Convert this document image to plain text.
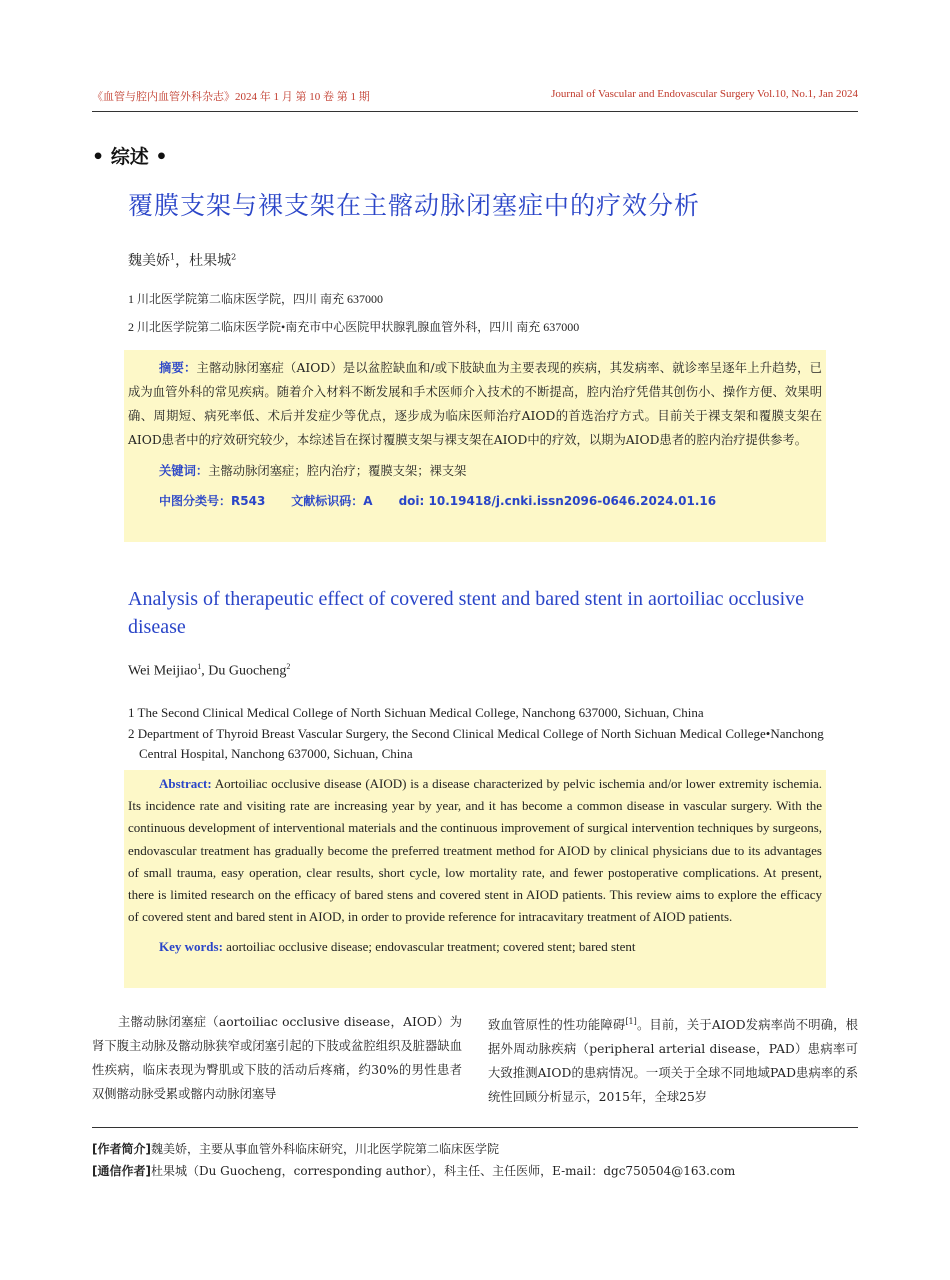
《血管与腔内血管外科杂志》2024 年 1 月 第 10 卷 第 1 期	Journal of Vascular and Endovascular Surgery Vol.10, No.1, Jan 2024
• 综述 •
覆膜支架与裸支架在主髂动脉闭塞症中的疗效分析
魏美娇$^1$，杜果城$^2$
1 川北医学院第二临床医学院，四川 南充 637000
2 川北医学院第二临床医学院•南充市中心医院甲状腺乳腺血管外科，四川 南充 637000

摘要：主髂动脉闭塞症（AIOD）是以盆腔缺血和/或下肢缺血为主要表现的疾病，其发病率、就诊率呈逐年上升趋势，已成为血管外科的常见疾病。随着介入材料不断发展和手术医师介入技术的不断提高，腔内治疗凭借其创伤小、操作方便、效果明确、周期短、病死率低、术后并发症少等优点，逐步成为临床医师治疗AIOD的首选治疗方式。目前关于裸支架和覆膜支架在AIOD患者中的疗效研究较少，本综述旨在探讨覆膜支架与裸支架在AIOD中的疗效，以期为AIOD患者的腔内治疗提供参考。

关键词：主髂动脉闭塞症；腔内治疗；覆膜支架；裸支架

中图分类号：R543 文献标识码：A doi: 10.19418/j.cnki.issn2096-0646.2024.01.16

Analysis of therapeutic effect of covered stent and bared stent in aortoiliac occlusive disease
Wei Meijiao$^1$, Du Guocheng$^2$
1 The Second Clinical Medical College of North Sichuan Medical College, Nanchong 637000, Sichuan, China
2 Department of Thyroid Breast Vascular Surgery, the Second Clinical Medical College of North Sichuan Medical College•Nanchong Central Hospital, Nanchong 637000, Sichuan, China

Abstract: Aortoiliac occlusive disease (AIOD) is a disease characterized by pelvic ischemia and/or lower extremity ischemia. Its incidence rate and visiting rate are increasing year by year, and it has become a common disease in vascular surgery. With the continuous development of interventional materials and the continuous improvement of surgical intervention techniques by surgeons, endovascular treatment has gradually become the preferred treatment method for AIOD by clinical physicians due to its advantages of small trauma, easy operation, clear results, short cycle, low mortality rate, and fewer postoperative complications. At present, there is limited research on the efficacy of bared stens and covered stent in AIOD patients. This review aims to explore the efficacy of covered stent and bared stent in AIOD, in order to provide reference for intracavitary treatment of AIOD patients.

Key words: aortoiliac occlusive disease; endovascular treatment; covered stent; bared stent

主髂动脉闭塞症（aortoiliac occlusive disease，AIOD）为肾下腹主动脉及髂动脉狭窄或闭塞引起的下肢或盆腔组织及脏器缺血性疾病，临床表现为臀肌或下肢的活动后疼痛，约30%的男性患者双侧髂动脉受累或髂内动脉闭塞导

致血管原性的性功能障碍[1]。目前，关于AIOD发病率尚不明确，根据外周动脉疾病（peripheral arterial disease，PAD）患病率可大致推测AIOD的患病情况。一项关于全球不同地域PAD患病率的系统性回顾分析显示，2015年，全球25岁

[作者简介]魏美娇，主要从事血管外科临床研究，川北医学院第二临床医学院
[通信作者]杜果城（Du Guocheng，corresponding author），科主任、主任医师，E-mail：dgc750504@163.com
